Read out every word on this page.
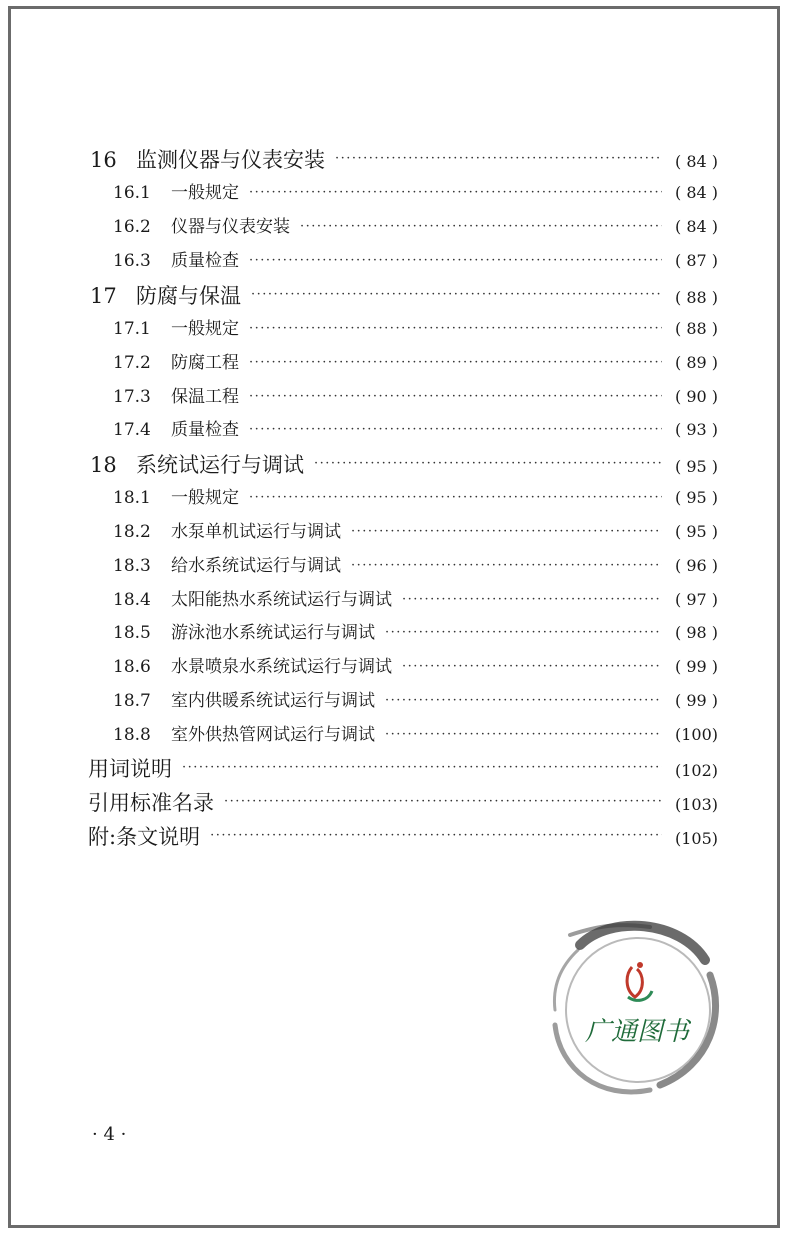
16 监测仪器与仪表安装 ·····	( 84 )
16.1	一般规定 ·····	( 84 )
16.2	仪器与仪表安装 ·····	( 84 )
16.3	质量检查 ·····	( 87 )
17 防腐与保温 ·····	( 88 )
17.1	一般规定 ·····	( 88 )
17.2	防腐工程 ·····	( 89 )
17.3	保温工程 ·····	( 90 )
17.4	质量检查 ·····	( 93 )
18 系统试运行与调试 ·····	( 95 )
18.1	一般规定 ·····	( 95 )
18.2	水泵单机试运行与调试 ·····	( 95 )
18.3	给水系统试运行与调试 ·····	( 96 )
18.4	太阳能热水系统试运行与调试 ·····	( 97 )
18.5	游泳池水系统试运行与调试 ·····	( 98 )
18.6	水景喷泉水系统试运行与调试 ·····	( 99 )
18.7	室内供暖系统试运行与调试 ·····	( 99 )
18.8	室外供热管网试运行与调试 ·····	(100)
用词说明 ·····	(102)
引用标准名录 ·····	(103)
附:条文说明 ·····	(105)
· 4 ·
广通图书
